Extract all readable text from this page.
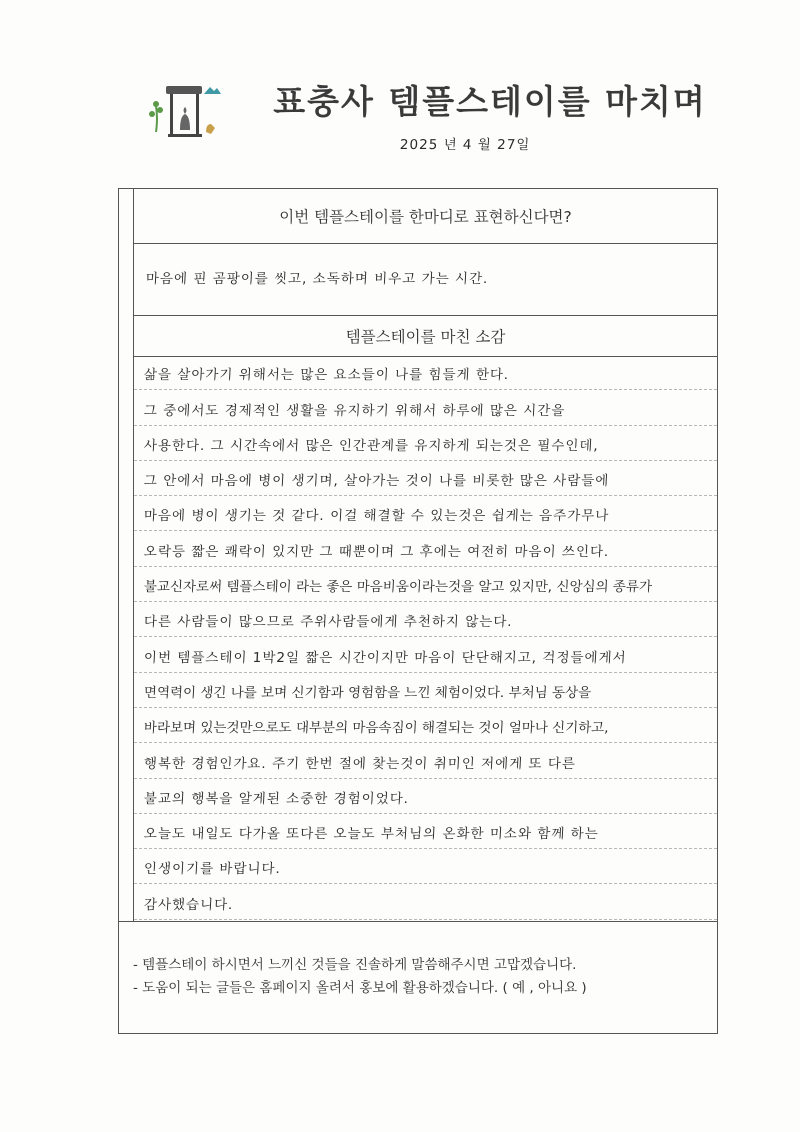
표충사 템플스테이를 마치며
2025 년 4 월 27일
이번 템플스테이를 한마디로 표현하신다면?
마음에 핀 곰팡이를 씻고, 소독하며 비우고 가는 시간.
템플스테이를 마친 소감
삶을 살아가기 위해서는 많은 요소들이 나를 힘들게 한다.
그 중에서도 경제적인 생활을 유지하기 위해서 하루에 많은 시간을
사용한다. 그 시간속에서 많은 인간관계를 유지하게 되는것은 필수인데,
그 안에서 마음에 병이 생기며, 살아가는 것이 나를 비롯한 많은 사람들에
마음에 병이 생기는 것 같다. 이걸 해결할 수 있는것은 쉽게는 음주가무나
오락등 짧은 쾌락이 있지만 그 때뿐이며 그 후에는 여전히 마음이 쓰인다.
불교신자로써 템플스테이 라는 좋은 마음비움이라는것을 알고 있지만, 신앙심의 종류가
다른 사람들이 많으므로 주위사람들에게 추천하지 않는다.
이번 템플스테이 1박2일 짧은 시간이지만 마음이 단단해지고, 걱정들에게서
면역력이 생긴 나를 보며 신기함과 영험함을 느낀 체험이었다. 부처님 동상을
바라보며 있는것만으로도 대부분의 마음속짐이 해결되는 것이 얼마나 신기하고,
행복한 경험인가요. 주기 한번 절에 찾는것이 취미인 저에게 또 다른
불교의 행복을 알게된 소중한 경험이었다.
오늘도 내일도 다가올 또다른 오늘도 부처님의 온화한 미소와 함께 하는
인생이기를 바랍니다.
감사했습니다.
- 템플스테이 하시면서 느끼신 것들을 진솔하게 말씀해주시면 고맙겠습니다.
- 도움이 되는 글들은 홈페이지 올려서 홍보에 활용하겠습니다. ( 예 , 아니요 )
